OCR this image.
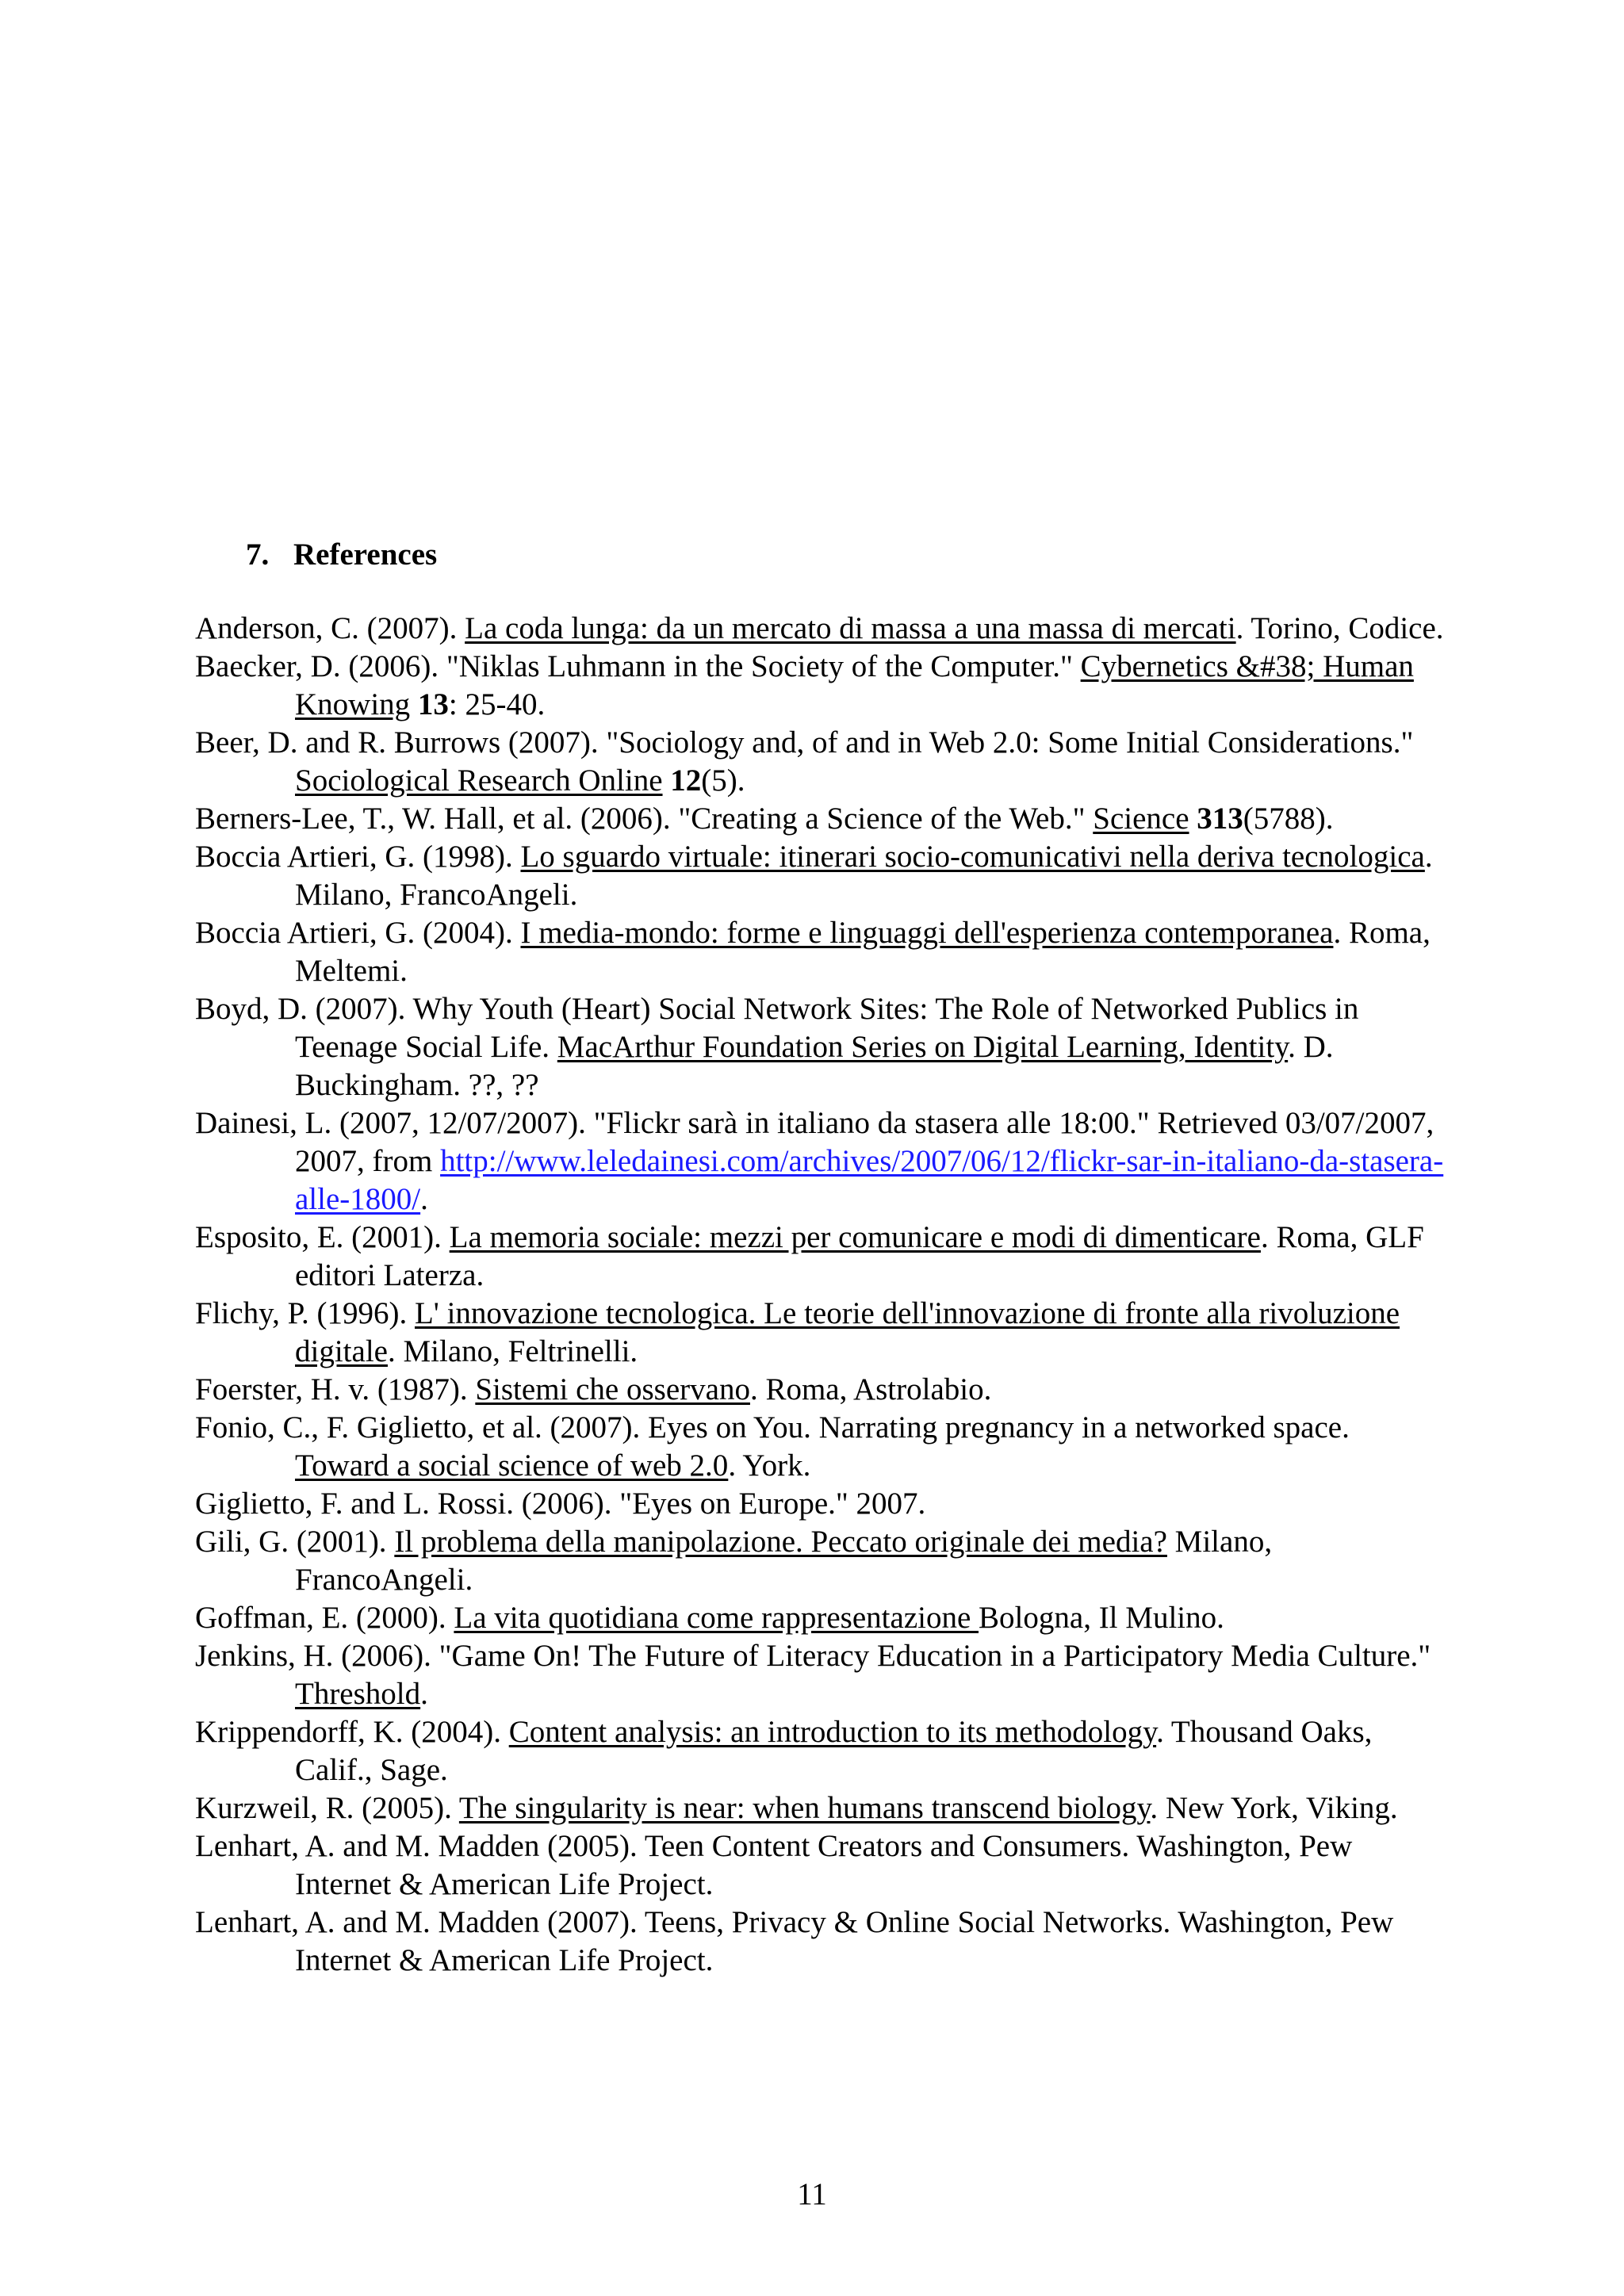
7. References

Anderson, C. (2007). La coda lunga: da un mercato di massa a una massa di mercati. Torino, Codice.

Baecker, D. (2006). "Niklas Luhmann in the Society of the Computer." Cybernetics &#38; Human Knowing 13: 25-40.

Beer, D. and R. Burrows (2007). "Sociology and, of and in Web 2.0: Some Initial Considerations." Sociological Research Online 12(5).

Berners-Lee, T., W. Hall, et al. (2006). "Creating a Science of the Web." Science 313(5788).

Boccia Artieri, G. (1998). Lo sguardo virtuale: itinerari socio-comunicativi nella deriva tecnologica. Milano, FrancoAngeli.

Boccia Artieri, G. (2004). I media-mondo: forme e linguaggi dell'esperienza contemporanea. Roma, Meltemi.

Boyd, D. (2007). Why Youth (Heart) Social Network Sites: The Role of Networked Publics in Teenage Social Life. MacArthur Foundation Series on Digital Learning, Identity. D. Buckingham. ??, ??

Dainesi, L. (2007, 12/07/2007). "Flickr sarà in italiano da stasera alle 18:00." Retrieved 03/07/2007, 2007, from http://www.leledainesi.com/archives/2007/06/12/flickr-sar-in-italiano-da-stasera-alle-1800/.

Esposito, E. (2001). La memoria sociale: mezzi per comunicare e modi di dimenticare. Roma, GLF editori Laterza.

Flichy, P. (1996). L' innovazione tecnologica. Le teorie dell'innovazione di fronte alla rivoluzione digitale. Milano, Feltrinelli.

Foerster, H. v. (1987). Sistemi che osservano. Roma, Astrolabio.

Fonio, C., F. Giglietto, et al. (2007). Eyes on You. Narrating pregnancy in a networked space. Toward a social science of web 2.0. York.

Giglietto, F. and L. Rossi. (2006). "Eyes on Europe." 2007.

Gili, G. (2001). Il problema della manipolazione. Peccato originale dei media? Milano, FrancoAngeli.

Goffman, E. (2000). La vita quotidiana come rappresentazione Bologna, Il Mulino.

Jenkins, H. (2006). "Game On! The Future of Literacy Education in a Participatory Media Culture." Threshold.

Krippendorff, K. (2004). Content analysis: an introduction to its methodology. Thousand Oaks, Calif., Sage.

Kurzweil, R. (2005). The singularity is near: when humans transcend biology. New York, Viking.

Lenhart, A. and M. Madden (2005). Teen Content Creators and Consumers. Washington, Pew Internet & American Life Project.

Lenhart, A. and M. Madden (2007). Teens, Privacy & Online Social Networks. Washington, Pew Internet & American Life Project.

11
